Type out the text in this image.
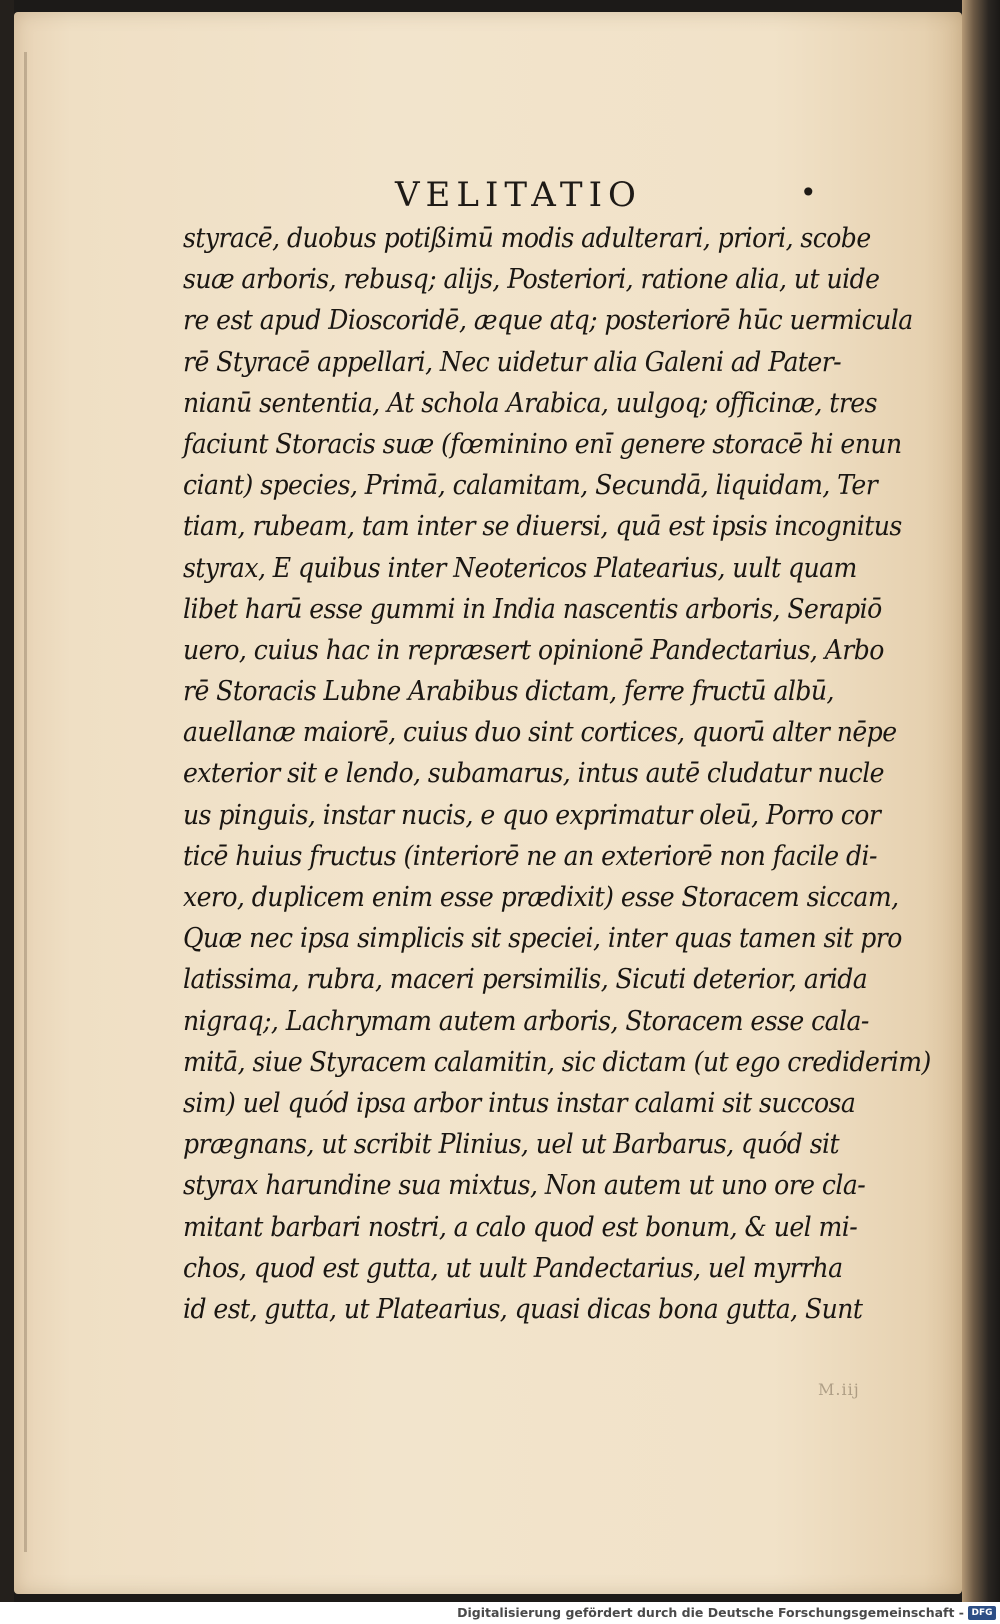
VELITATIO	•
styracē, duobus potißimū modis adulterari, priori, scobe
suæ arboris, rebusq; alijs, Posteriori, ratione alia, ut uide
re est apud Dioscoridē, æque atq; posteriorē hūc uermicula
rē Styracē appellari, Nec uidetur alia Galeni ad Pater-
nianū sententia, At schola Arabica, uulgoq; officinæ, tres
faciunt Storacis suæ (fœminino enī genere storacē hi enun
ciant) species, Primā, calamitam, Secundā, liquidam, Ter
tiam, rubeam, tam inter se diuersi, quā est ipsis incognitus
styrax, E quibus inter Neotericos Platearius, uult quam
libet harū esse gummi in India nascentis arboris, Serapiō
uero, cuius hac in repræsert opinionē Pandectarius, Arbo
rē Storacis Lubne Arabibus dictam, ferre fructū albū,
auellanæ maiorē, cuius duo sint cortices, quorū alter nēpe
exterior sit e lendo, subamarus, intus autē cludatur nucle
us pinguis, instar nucis, e quo exprimatur oleū, Porro cor
ticē huius fructus (interiorē ne an exteriorē non facile di-
xero, duplicem enim esse prædixit) esse Storacem siccam,
Quæ nec ipsa simplicis sit speciei, inter quas tamen sit pro
latissima, rubra, maceri persimilis, Sicuti deterior, arida
nigraq;, Lachrymam autem arboris, Storacem esse cala-
mitā, siue Styracem calamitin, sic dictam (ut ego crediderim)
sim) uel quód ipsa arbor intus instar calami sit succosa
prægnans, ut scribit Plinius, uel ut Barbarus, quód sit
styrax harundine sua mixtus, Non autem ut uno ore cla-
mitant barbari nostri, a calo quod est bonum, & uel mi-
chos, quod est gutta, ut uult Pandectarius, uel myrrha
id est, gutta, ut Platearius, quasi dicas bona gutta, Sunt
M.iij
Digitalisierung gefördert durch die Deutsche Forschungsgemeinschaft - DFG
